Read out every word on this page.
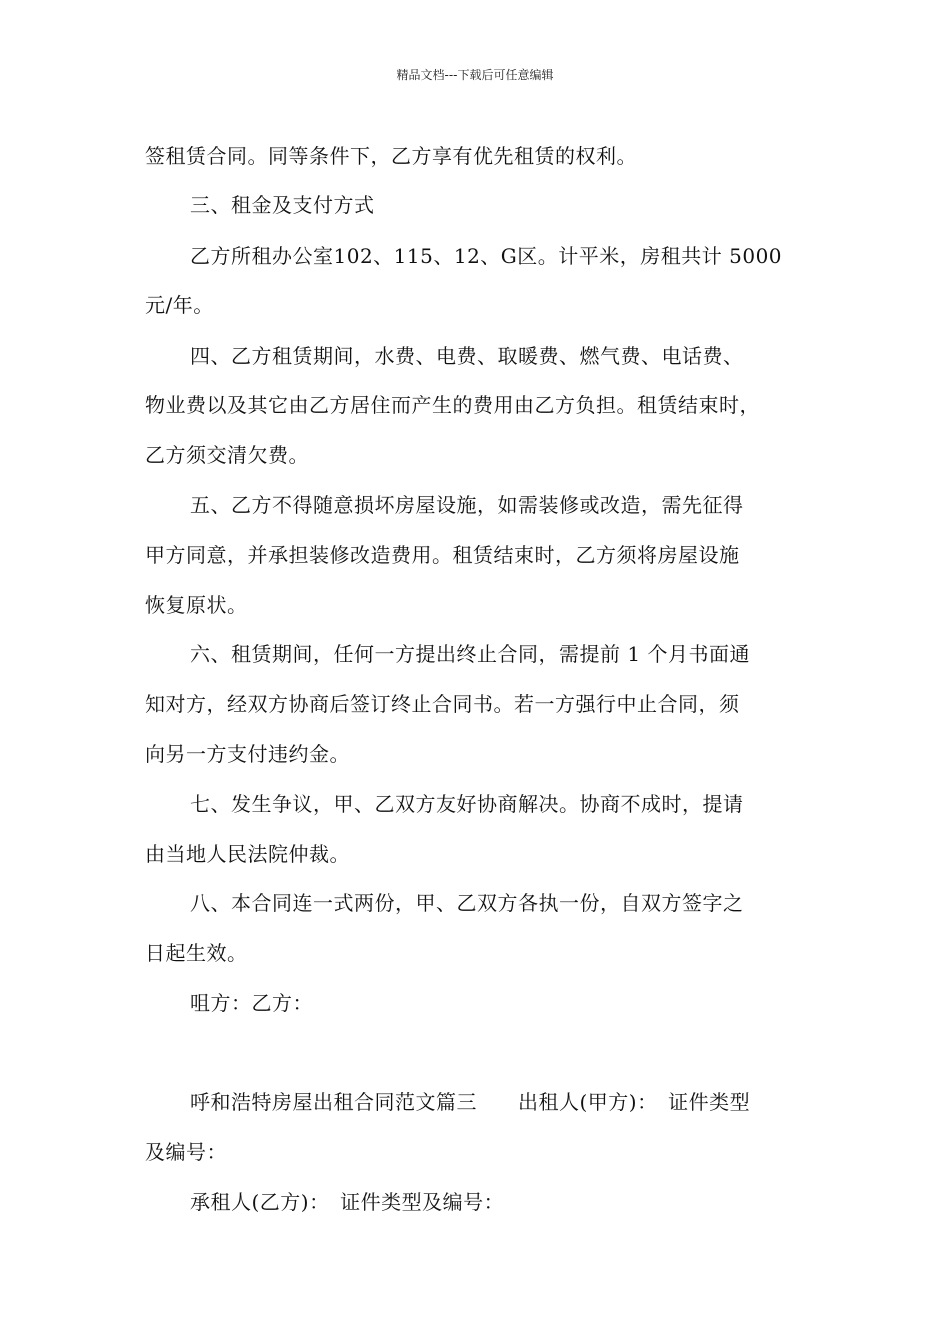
精品文档---下载后可任意编辑
签租赁合同。同等条件下，乙方享有优先租赁的权利。
三、租金及支付方式
乙方所租办公室102、115、12、G区。计平米，房租共计 5000
元/年。
四、乙方租赁期间，水费、电费、取暖费、燃气费、电话费、
物业费以及其它由乙方居住而产生的费用由乙方负担。租赁结束时，
乙方须交清欠费。
五、乙方不得随意损坏房屋设施，如需装修或改造，需先征得
甲方同意，并承担装修改造费用。租赁结束时，乙方须将房屋设施
恢复原状。
六、租赁期间，任何一方提出终止合同，需提前 1 个月书面通
知对方，经双方协商后签订终止合同书。若一方强行中止合同，须
向另一方支付违约金。
七、发生争议，甲、乙双方友好协商解决。协商不成时，提请
由当地人民法院仲裁。
八、本合同连一式两份，甲、乙双方各执一份，自双方签字之
日起生效。
咀方：乙方：
呼和浩特房屋出租合同范文篇三　　出租人(甲方)：　证件类型
及编号：
承租人(乙方)：　证件类型及编号：
